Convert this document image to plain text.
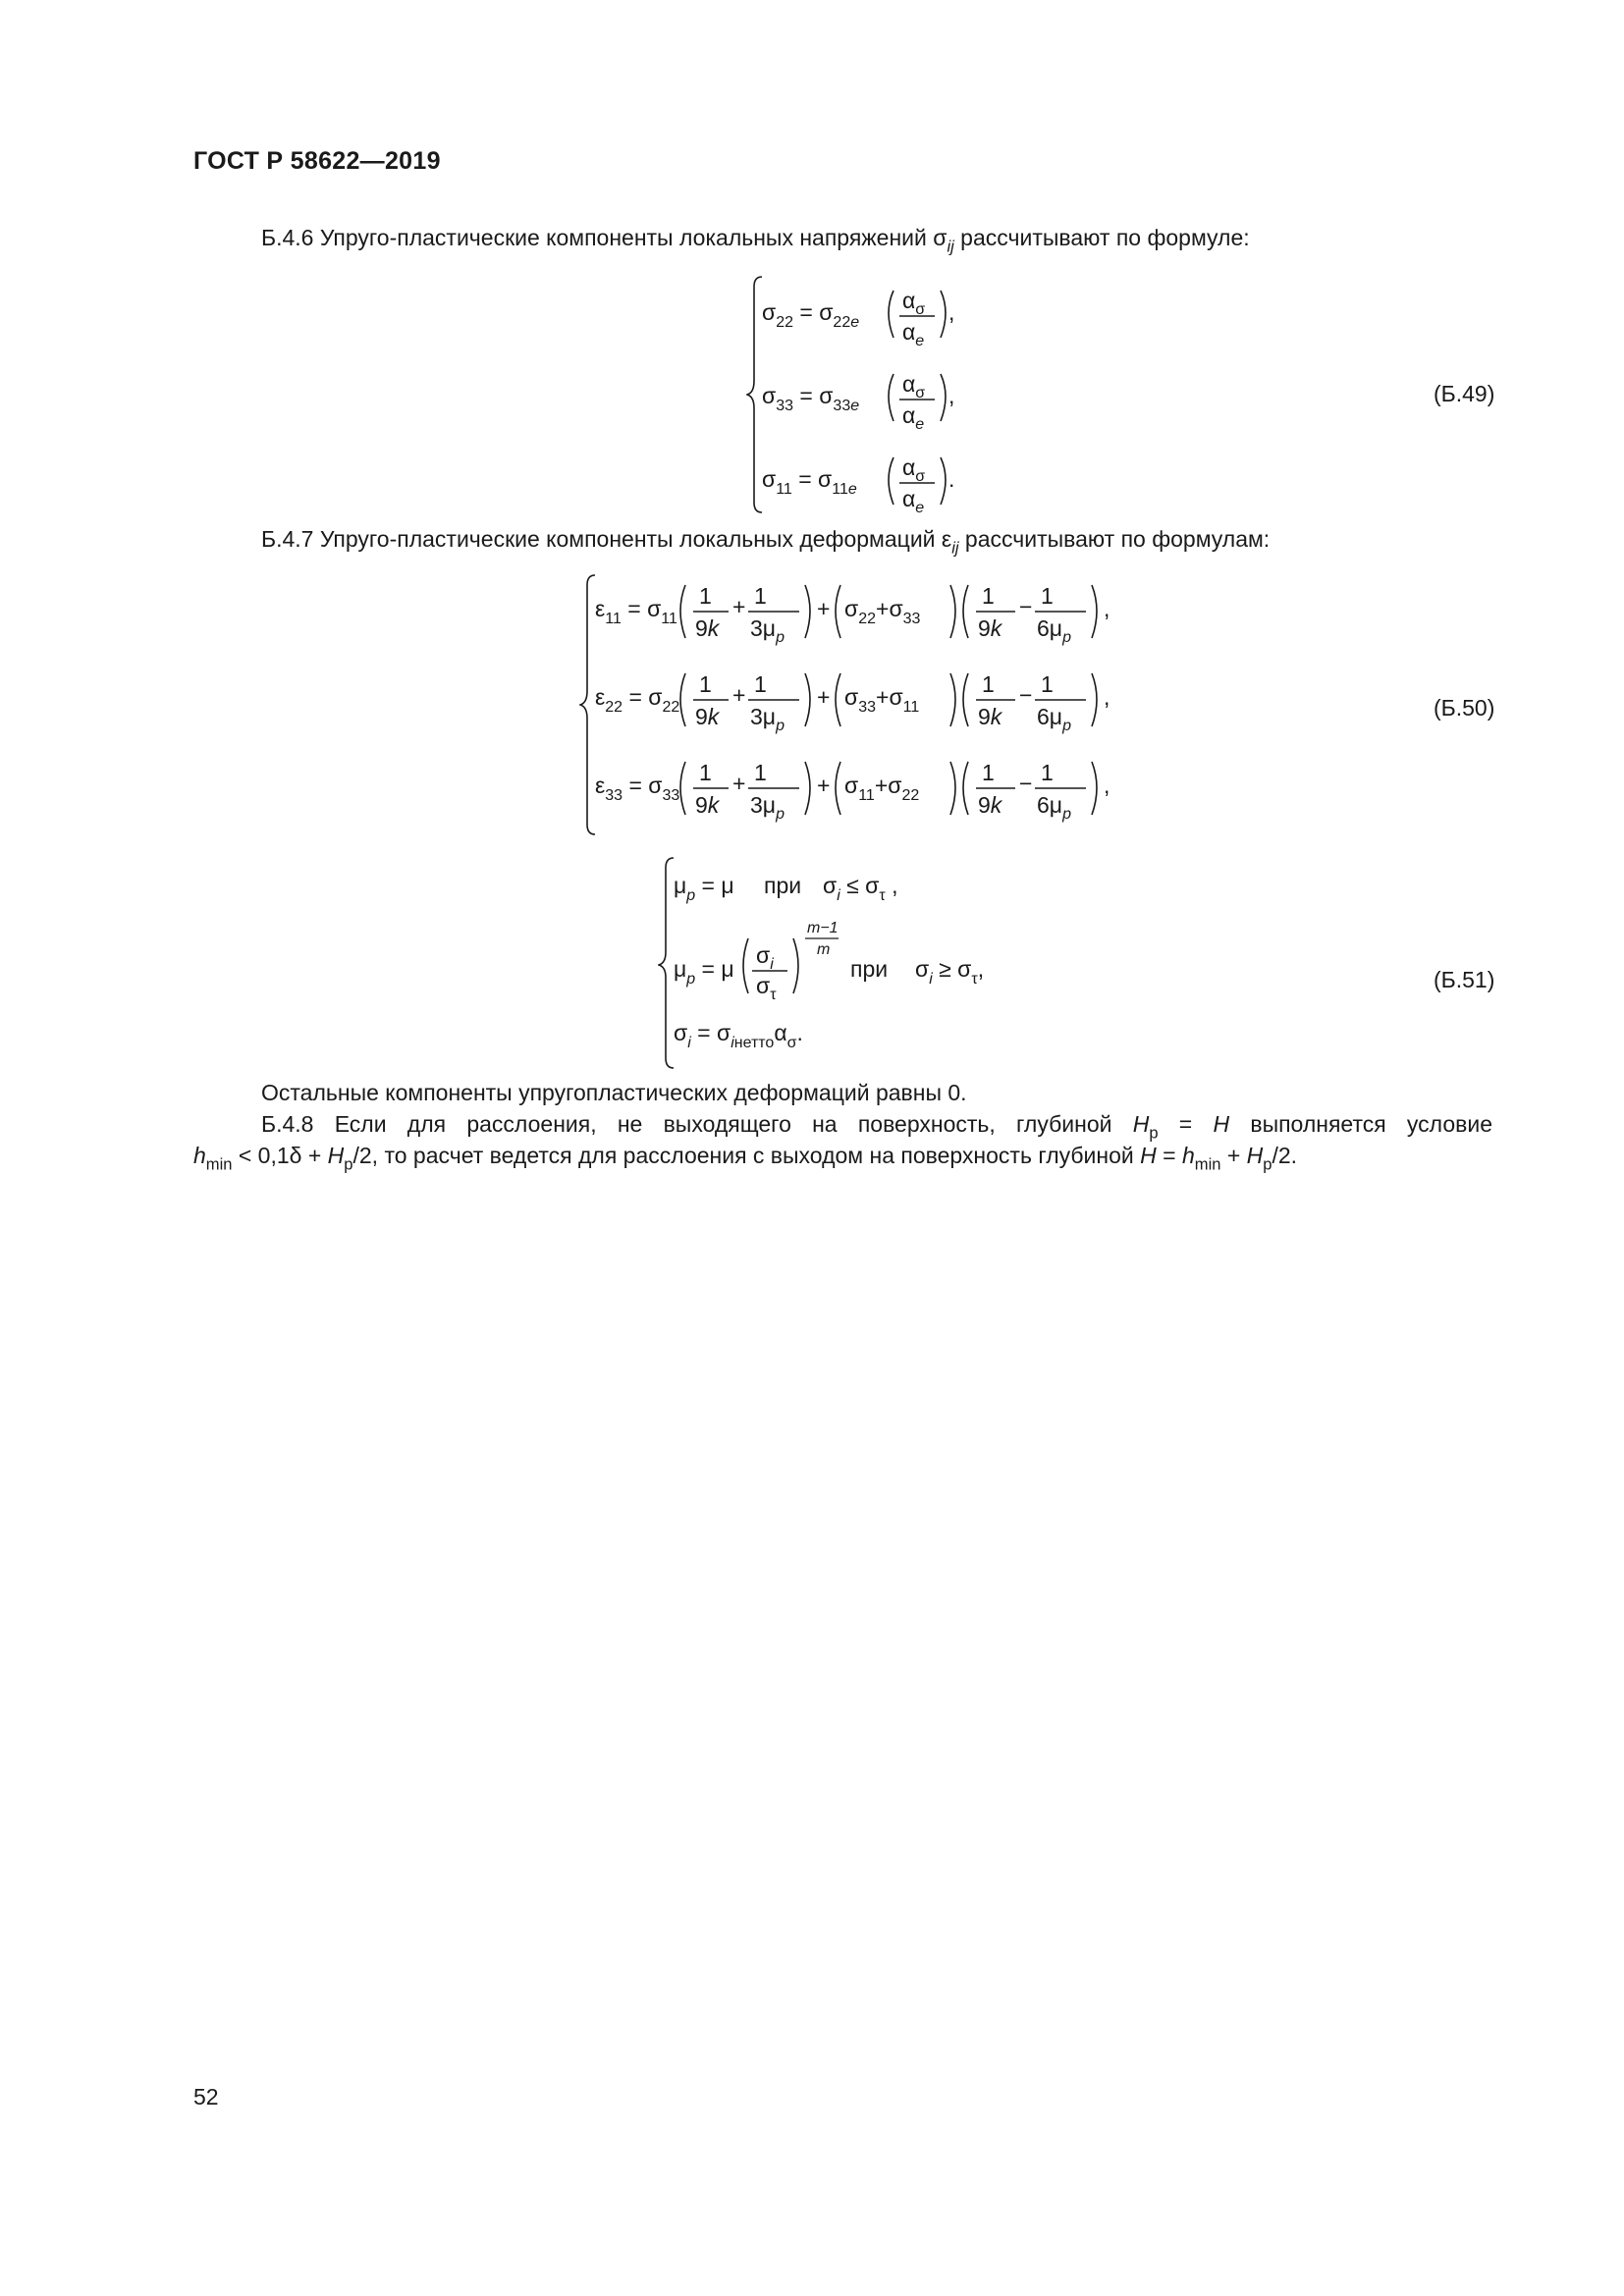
ГОСТ Р 58622—2019
Б.4.6 Упруго-пластические компоненты локальных напряжений $\sigma_{ij}$ рассчитывают по формуле:
$\sigma_{22} = \sigma_{22}e$
$\alpha_\sigma$
$\alpha_e$
,
$\sigma_{33} = \sigma_{33}e$
$\alpha_\sigma$
$\alpha_e$
,
$\sigma_{11} = \sigma_{11}e$
$\alpha_\sigma$
$\alpha_e$
.
(Б.49)
Б.4.7 Упруго-пластические компоненты локальных деформаций $\varepsilon_{ij}$ рассчитывают по формулам:
$\varepsilon_{11} = \sigma_{11}$
1
9k
+ 1
$3\mu_p$
+ $\sigma_{22}+\sigma_{33}$
1
9k
− 1
$6\mu_p$
,
$\varepsilon_{22} = \sigma_{22}$
1
9k
+ 1
$3\mu_p$
+ $\sigma_{33}+\sigma_{11}$
1
9k
− 1
$6\mu_p$
,
$\varepsilon_{33} = \sigma_{33}$
1
9k
+ 1
$3\mu_p$
+ $\sigma_{11}+\sigma_{22}$
1
9k
− 1
$6\mu_p$
,
(Б.50)
$\mu_p = \mu$ при $\sigma_i \le \sigma_\tau$ ,
$\mu_p = \mu$
$\sigma_i$
$\sigma_\tau$
m−1
m
при $\sigma_i \ge \sigma_\tau$,
$\sigma_i$ = $\sigma_iнетто\alpha_\sigma$.
(Б.51)
Остальные компоненты упругопластических деформаций равны 0.
Б.4.8 Если для расслоения, не выходящего на поверхность, глубиной $H_p = H$ выполняется условие
$h_{min} < 0,1\delta + H_p/2$, то расчет ведется для расслоения с выходом на поверхность глубиной $H = h_{min} + H_p/2$.
52
